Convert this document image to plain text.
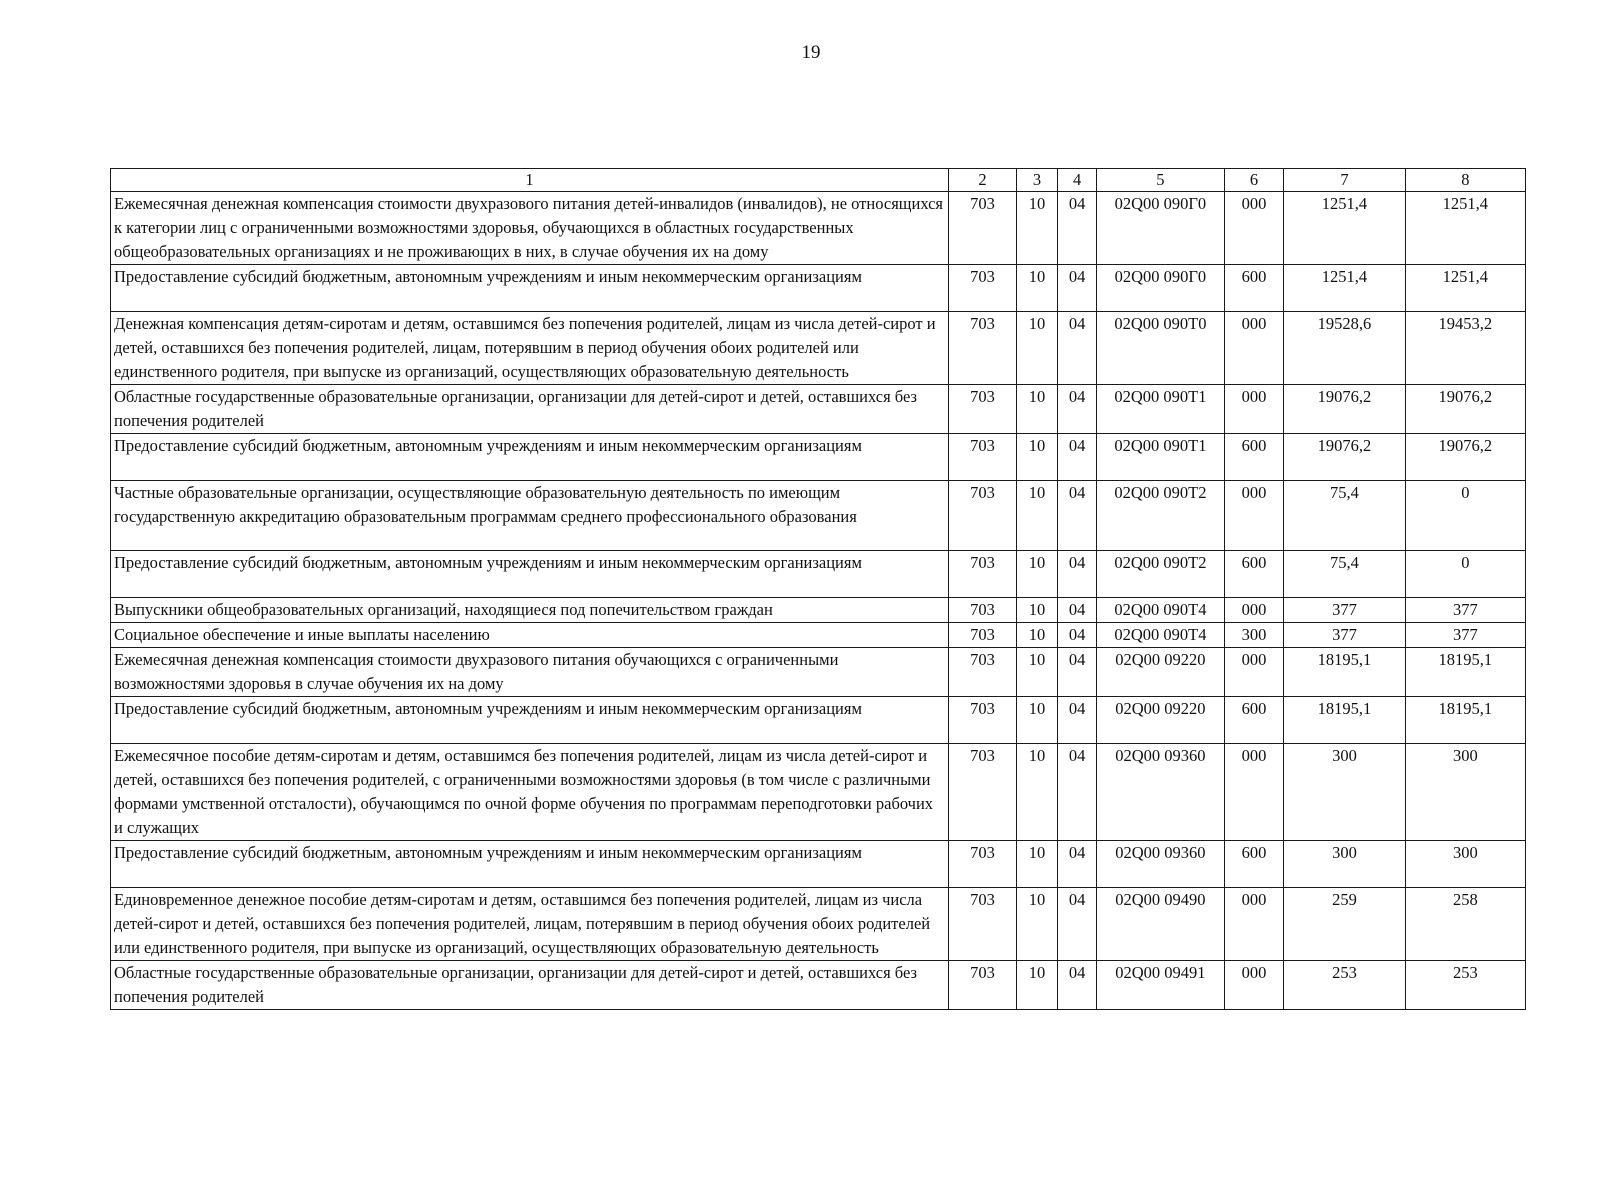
19
1	2	3	4	5	6	7	8
Ежемесячная денежная компенсация стоимости двухразового питания детей-инвалидов (инвалидов), не относящихся к категории лиц с ограниченными возможностями здоровья, обучающихся в областных государственных общеобразовательных организациях и не проживающих в них, в случае обучения их на дому	703	10	04	02Q00 090Г0	000	1251,4	1251,4
Предоставление субсидий бюджетным, автономным учреждениям и иным некоммерческим организациям	703	10	04	02Q00 090Г0	600	1251,4	1251,4
Денежная компенсация детям-сиротам и детям, оставшимся без попечения родителей, лицам из числа детей-сирот и детей, оставшихся без попечения родителей, лицам, потерявшим в период обучения обоих родителей или единственного родителя, при выпуске из организаций, осуществляющих образовательную деятельность	703	10	04	02Q00 090Т0	000	19528,6	19453,2
Областные государственные образовательные организации, организации для детей-сирот и детей, оставшихся без попечения родителей	703	10	04	02Q00 090Т1	000	19076,2	19076,2
Предоставление субсидий бюджетным, автономным учреждениям и иным некоммерческим организациям	703	10	04	02Q00 090Т1	600	19076,2	19076,2
Частные образовательные организации, осуществляющие образовательную деятельность по имеющим государственную аккредитацию образовательным программам среднего профессионального образования	703	10	04	02Q00 090Т2	000	75,4	0
Предоставление субсидий бюджетным, автономным учреждениям и иным некоммерческим организациям	703	10	04	02Q00 090Т2	600	75,4	0
Выпускники общеобразовательных организаций, находящиеся под попечительством граждан	703	10	04	02Q00 090Т4	000	377	377
Социальное обеспечение и иные выплаты населению	703	10	04	02Q00 090Т4	300	377	377
Ежемесячная денежная компенсация стоимости двухразового питания обучающихся с ограниченными возможностями здоровья в случае обучения их на дому	703	10	04	02Q00 09220	000	18195,1	18195,1
Предоставление субсидий бюджетным, автономным учреждениям и иным некоммерческим организациям	703	10	04	02Q00 09220	600	18195,1	18195,1
Ежемесячное пособие детям-сиротам и детям, оставшимся без попечения родителей, лицам из числа детей-сирот и детей, оставшихся без попечения родителей, с ограниченными возможностями здоровья (в том числе с различными формами умственной отсталости), обучающимся по очной форме обучения по программам переподготовки рабочих и служащих	703	10	04	02Q00 09360	000	300	300
Предоставление субсидий бюджетным, автономным учреждениям и иным некоммерческим организациям	703	10	04	02Q00 09360	600	300	300
Единовременное денежное пособие детям-сиротам и детям, оставшимся без попечения родителей, лицам из числа детей-сирот и детей, оставшихся без попечения родителей, лицам, потерявшим в период обучения обоих родителей или единственного родителя, при выпуске из организаций, осуществляющих образовательную деятельность	703	10	04	02Q00 09490	000	259	258
Областные государственные образовательные организации, организации для детей-сирот и детей, оставшихся без попечения родителей	703	10	04	02Q00 09491	000	253	253
